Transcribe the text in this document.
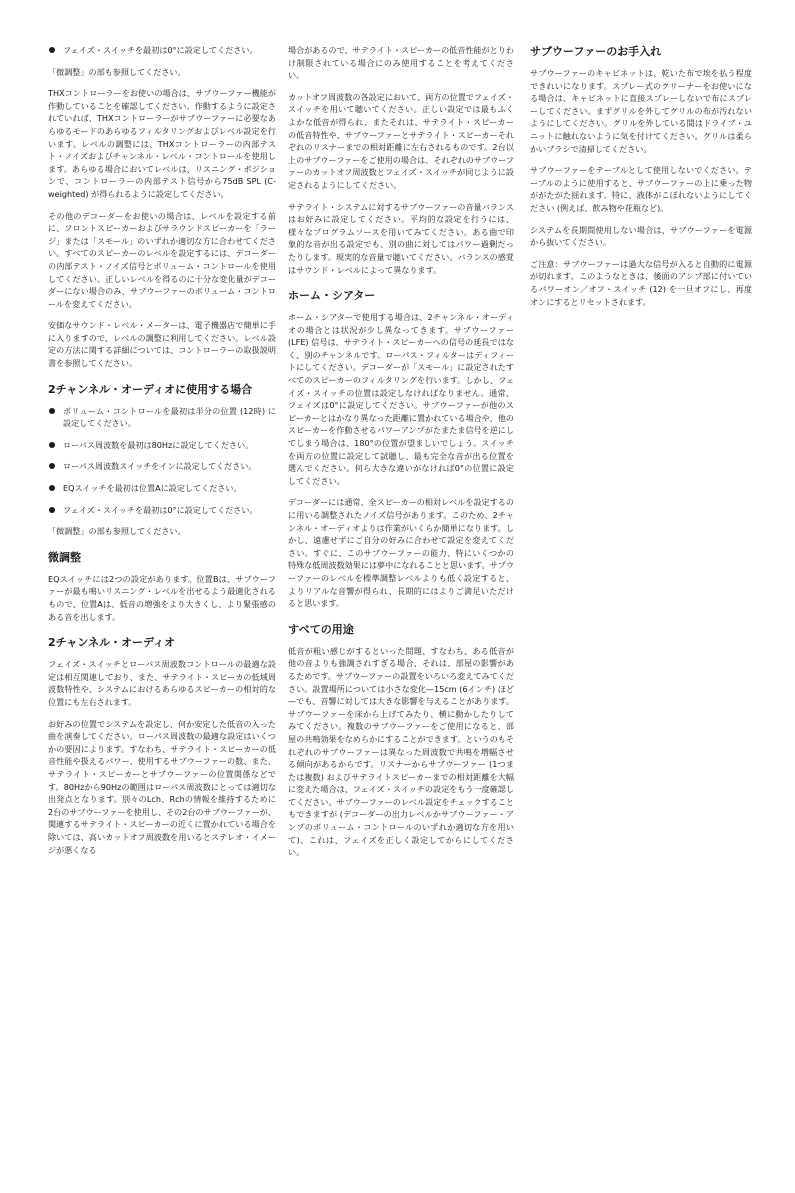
フェイズ・スイッチを最初は0°に設定してください。

「微調整」の部も参照してください。

THXコントローラーをお使いの場合は、サブウーファー機能が作動していることを確認してください。作動するように設定されていれば、THXコントローラーがサブウーファーに必要なあらゆるモードのあらゆるフィルタリングおよびレベル設定を行います。レベルの調整には、THXコントローラーの内部テスト・ノイズおよびチャンネル・レベル・コントロールを使用します。あらゆる場合においてレベルは、リスニング・ポジションで、コントローラーの内部テスト信号から75dB SPL (C-weighted) が得られるように設定してください。

その他のデコーダーをお使いの場合は、レベルを設定する前に、フロントスピーカーおよびサラウンドスピーカーを「ラージ」または「スモール」のいずれか適切な方に合わせてください。すべてのスピーカーのレベルを設定するには、デコーダーの内部テスト・ノイズ信号とボリューム・コントロールを使用してください。正しいレベルを得るのに十分な変化量がデコーダーにない場合のみ、サブウーファーのボリューム・コントロールを変えてください。

安価なサウンド・レベル・メーターは、電子機器店で簡単に手に入りますので、レベルの調整に利用してください。レベル設定の方法に関する詳細については、コントローラーの取扱説明書を参照してください。

2チャンネル・オーディオに使用する場合
ボリューム・コントロールを最初は半分の位置 (12時) に設定してください。
ローパス周波数を最初は80Hzに設定してください。
ローパス周波数スイッチをインに設定してください。
EQスイッチを最初は位置Aに設定してください。
フェイズ・スイッチを最初は0°に設定してください。

「微調整」の部も参照してください。

微調整

EQスイッチには2つの設定があります。位置Bは、サブウーファーが最も鳴いリスニング・レベルを出せるよう最適化されるもので、位置Aは、低音の増強をより大きくし、より緊張感のある音を出します。

2チャンネル・オーディオ

フェイズ・スイッチとローパス周波数コントロールの最適な設定は相互関連しており、また、サテライト・スピーカの低域周波数特性や、システムにおけるあらゆるスピーカーの相対的な位置にも左右されます。

お好みの位置でシステムを設定し、何か安定した低音の入った曲を演奏してください。ローパス周波数の最適な設定はいくつかの要因によります。すなわち、サテライト・スピーカーの低音性能や扱えるパワー、使用するサブウーファーの数、また、サテライト・スピーカーとサブウーファーの位置関係などです。80Hzから90Hzの範囲はローパス周波数にとっては適切な出発点となります。別々のLch、Rchの情報を維持するために2台のサブウーファーを使用し、その2台のサブウーファーが、関連するサテライト・スピーカーの近くに置かれている場合を除いては、高いカットオフ周波数を用いるとステレオ・イメージが悪くなる

場合があるので、サテライト・スピーカーの低音性能がとりわけ制限されている場合にのみ使用することを考えてください。

カットオフ周波数の各設定において、両方の位置でフェイズ・スイッチを用いて聴いてください。正しい設定では最もふくよかな低音が得られ、またそれは、サテライト・スピーカーの低音特性や、サブウーファーとサテライト・スピーカーそれぞれのリスナーまでの相対距離に左右されるものです。2台以上のサブウーファーをご使用の場合は、それぞれのサブウーファーのカットオフ周波数とフェイズ・スイッチが同じように設定されるようにしてください。

サテライト・システムに対するサブウーファーの音量バランスはお好みに設定してください。平均的な設定を行うには、様々なプログラムソースを用いてみてください。ある曲で印象的な音が出る設定でも、別の曲に対してはパワー過剰だったりします。現実的な音量で聴いてください。バランスの感覚はサウンド・レベルによって異なります。

ホーム・シアター

ホーム・シアターで使用する場合は、2チャンネル・オーディオの場合とは状況が少し異なってきます。サブウーファー (LFE) 信号は、サテライト・スピーカーへの信号の延長ではなく、別のチャンネルです。ローパス・フィルターはディフィートにしてください。デコーダーが「スモール」に設定されたすべてのスピーカーのフィルタリングを行います。しかし、フェイズ・スイッチの位置は設定しなければなりません。通常、フェイズは0°に設定してください。サブウーファーが他のスピーカーとはかなり異なった距離に置かれている場合や、他のスピーカーを作動させるパワーアンプがたまたま信号を逆にしてしまう場合は、180°の位置が望ましいでしょう。スイッチを両方の位置に設定して試聴し、最も完全な音が出る位置を選んでください。何ら大きな違いがなければ0°の位置に設定してください。

デコーダーには通常、全スピーカーの相対レベルを設定するのに用いる調整されたノイズ信号があります。このため、2チャンネル・オーディオよりは作業がいくらか簡単になります。しかし、遠慮せずにご自分の好みに合わせて設定を変えてください。すぐに、このサブウーファーの能力、特にいくつかの特殊な低周波数効果には夢中になれることと思います。サブウーファーのレベルを標準調整レベルよりも低く設定すると、よりリアルな音響が得られ、長期的にはよりご満足いただけると思います。

すべての用途

低音が粗い感じがするといった問題、すなわち、ある低音が他の音よりも強調されすぎる場合、それは、部屋の影響があるためです。サブウーファーの設置をいろいろ変えてみてください。設置場所については小さな変化—15cm (6インチ) ほど—でも、音響に対しては大きな影響を与えることがあります。サブウーファーを床から上げてみたり、横に動かしたりしてみてください。複数のサブウーファーをご使用になると、部屋の共鳴効果をなめらかにすることができます。というのもそれぞれのサブウーファーは異なった周波数で共鳴を増幅させる傾向があるからです。リスナーからサブウーファー (1つまたは複数) およびサテライトスピーカーまでの相対距離を大幅に変えた場合は、フェイズ・スイッチの設定をもう一度確認してください。サブウーファーのレベル設定をチェックすることもできますが (デコーダーの出力レベルかサブウーファー・アンプのボリューム・コントロールのいずれか適切な方を用いて)、これは、フェイズを正しく設定してからにしてください。

サブウーファーのお手入れ

サブウーファーのキャビネットは、乾いた布で埃を払う程度できれいになります。スプレー式のクリーナーをお使いになる場合は、キャビネットに直接スプレーしないで布にスプレーしてください。まずグリルを外してグリルの布が汚れないようにしてください。グリルを外している間はドライブ・ユニットに触れないように気を付けてください。グリルは柔らかいブラシで清掃してください。

サブウーファーをテーブルとして使用しないでください。テーブルのように使用すると、サブウーファーの上に乗った物ががたがた揺れます。特に、液体がこぼれないようにしてください (例えば、飲み物や花瓶など)。

システムを長期間使用しない場合は、サブウーファーを電源から抜いてください。

ご注意：サブウーファーは過大な信号が入ると自動的に電源が切れます。このようなときは、後面のアンプ部に付いているパワーオン／オフ・スイッチ (12) を一旦オフにし、再度オンにするとリセットされます。
